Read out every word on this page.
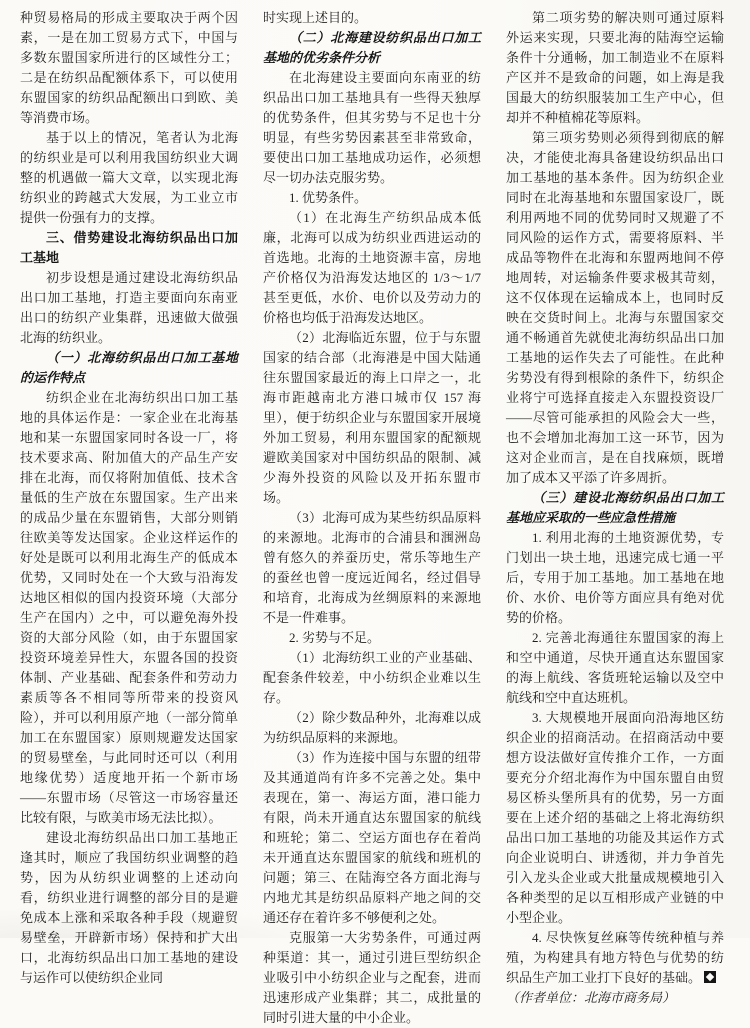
种贸易格局的形成主要取决于两个因素，一是在加工贸易方式下，中国与多数东盟国家所进行的区域性分工；二是在纺织品配额体系下，可以使用东盟国家的纺织品配额出口到欧、美等消费市场。

基于以上的情况，笔者认为北海的纺织业是可以利用我国纺织业大调整的机遇做一篇大文章，以实现北海纺织业的跨越式大发展，为工业立市提供一份强有力的支撑。

三、借势建设北海纺织品出口加工基地

初步设想是通过建设北海纺织品出口加工基地，打造主要面向东南亚出口的纺织产业集群，迅速做大做强北海的纺织业。

（一）北海纺织品出口加工基地的运作特点

纺织企业在北海纺织出口加工基地的具体运作是：一家企业在北海基地和某一东盟国家同时各设一厂，将技术要求高、附加值大的产品生产安排在北海，而仅将附加值低、技术含量低的生产放在东盟国家。生产出来的成品少量在东盟销售，大部分则销往欧美等发达国家。企业这样运作的好处是既可以利用北海生产的低成本优势，又同时处在一个大致与沿海发达地区相似的国内投资环境（大部分生产在国内）之中，可以避免海外投资的大部分风险（如，由于东盟国家投资环境差异性大，东盟各国的投资体制、产业基础、配套条件和劳动力素质等各不相同等所带来的投资风险），并可以利用原产地（一部分简单加工在东盟国家）原则规避发达国家的贸易壁垒，与此同时还可以（利用地缘优势）适度地开拓一个新市场——东盟市场（尽管这一市场容量还比较有限，与欧美市场无法比拟）。

建设北海纺织品出口加工基地正逢其时，顺应了我国纺织业调整的趋势，因为从纺织业调整的上述动向看，纺织业进行调整的部分目的是避免成本上涨和采取各种手段（规避贸易壁垒，开辟新市场）保持和扩大出口，北海纺织品出口加工基地的建设与运作可以使纺织企业同

时实现上述目的。

（二）北海建设纺织品出口加工基地的优劣条件分析

在北海建设主要面向东南亚的纺织品出口加工基地具有一些得天独厚的优势条件，但其劣势与不足也十分明显，有些劣势因素甚至非常致命，要使出口加工基地成功运作，必须想尽一切办法克服劣势。

1. 优势条件。

（1）在北海生产纺织品成本低廉，北海可以成为纺织业西进运动的首选地。北海的土地资源丰富，房地产价格仅为沿海发达地区的 1/3～1/7 甚至更低，水价、电价以及劳动力的价格也均低于沿海发达地区。

（2）北海临近东盟，位于与东盟国家的结合部（北海港是中国大陆通往东盟国家最近的海上口岸之一，北海市距越南北方港口城市仅 157 海里），便于纺织企业与东盟国家开展境外加工贸易，利用东盟国家的配额规避欧美国家对中国纺织品的限制、减少海外投资的风险以及开拓东盟市场。

（3）北海可成为某些纺织品原料的来源地。北海市的合浦县和涠洲岛曾有悠久的养蚕历史，常乐等地生产的蚕丝也曾一度远近闻名，经过倡导和培育，北海成为丝绸原料的来源地不是一件难事。

2. 劣势与不足。

（1）北海纺织工业的产业基础、配套条件较差，中小纺织企业难以生存。

（2）除少数品种外，北海难以成为纺织品原料的来源地。

（3）作为连接中国与东盟的纽带及其通道尚有许多不完善之处。集中表现在，第一、海运方面，港口能力有限，尚未开通直达东盟国家的航线和班轮；第二、空运方面也存在着尚未开通直达东盟国家的航线和班机的问题；第三、在陆海空各方面北海与内地尤其是纺织品原料产地之间的交通还存在着许多不够便利之处。

克服第一大劣势条件，可通过两种渠道：其一，通过引进巨型纺织企业吸引中小纺织企业与之配套，进而迅速形成产业集群；其二，成批量的同时引进大量的中小企业。

第二项劣势的解决则可通过原料外运来实现，只要北海的陆海空运输条件十分通畅，加工制造业不在原料产区并不是致命的问题，如上海是我国最大的纺织服装加工生产中心，但却并不种植棉花等原料。

第三项劣势则必须得到彻底的解决，才能使北海具备建设纺织品出口加工基地的基本条件。因为纺织企业同时在北海基地和东盟国家设厂，既利用两地不同的优势同时又规避了不同风险的运作方式，需要将原料、半成品等物件在北海和东盟两地间不停地周转，对运输条件要求极其苛刻，这不仅体现在运输成本上，也同时反映在交货时间上。北海与东盟国家交通不畅通首先就使北海纺织品出口加工基地的运作失去了可能性。在此种劣势没有得到根除的条件下，纺织企业将宁可选择直接走入东盟投资设厂——尽管可能承担的风险会大一些，也不会增加北海加工这一环节，因为这对企业而言，是在自找麻烦，既增加了成本又平添了许多周折。

（三）建设北海纺织品出口加工基地应采取的一些应急性措施

1. 利用北海的土地资源优势，专门划出一块土地，迅速完成七通一平后，专用于加工基地。加工基地在地价、水价、电价等方面应具有绝对优势的价格。

2. 完善北海通往东盟国家的海上和空中通道，尽快开通直达东盟国家的海上航线、客货班轮运输以及空中航线和空中直达班机。

3. 大规模地开展面向沿海地区纺织企业的招商活动。在招商活动中要想方设法做好宣传推介工作，一方面要充分介绍北海作为中国东盟自由贸易区桥头堡所具有的优势，另一方面要在上述介绍的基础之上将北海纺织品出口加工基地的功能及其运作方式向企业说明白、讲透彻，并力争首先引入龙头企业或大批量成规模地引入各种类型的足以互相形成产业链的中小型企业。

4. 尽快恢复丝麻等传统种植与养殖，为构建具有地方特色与优势的纺织品生产加工业打下良好的基础。

（作者单位：北海市商务局）
